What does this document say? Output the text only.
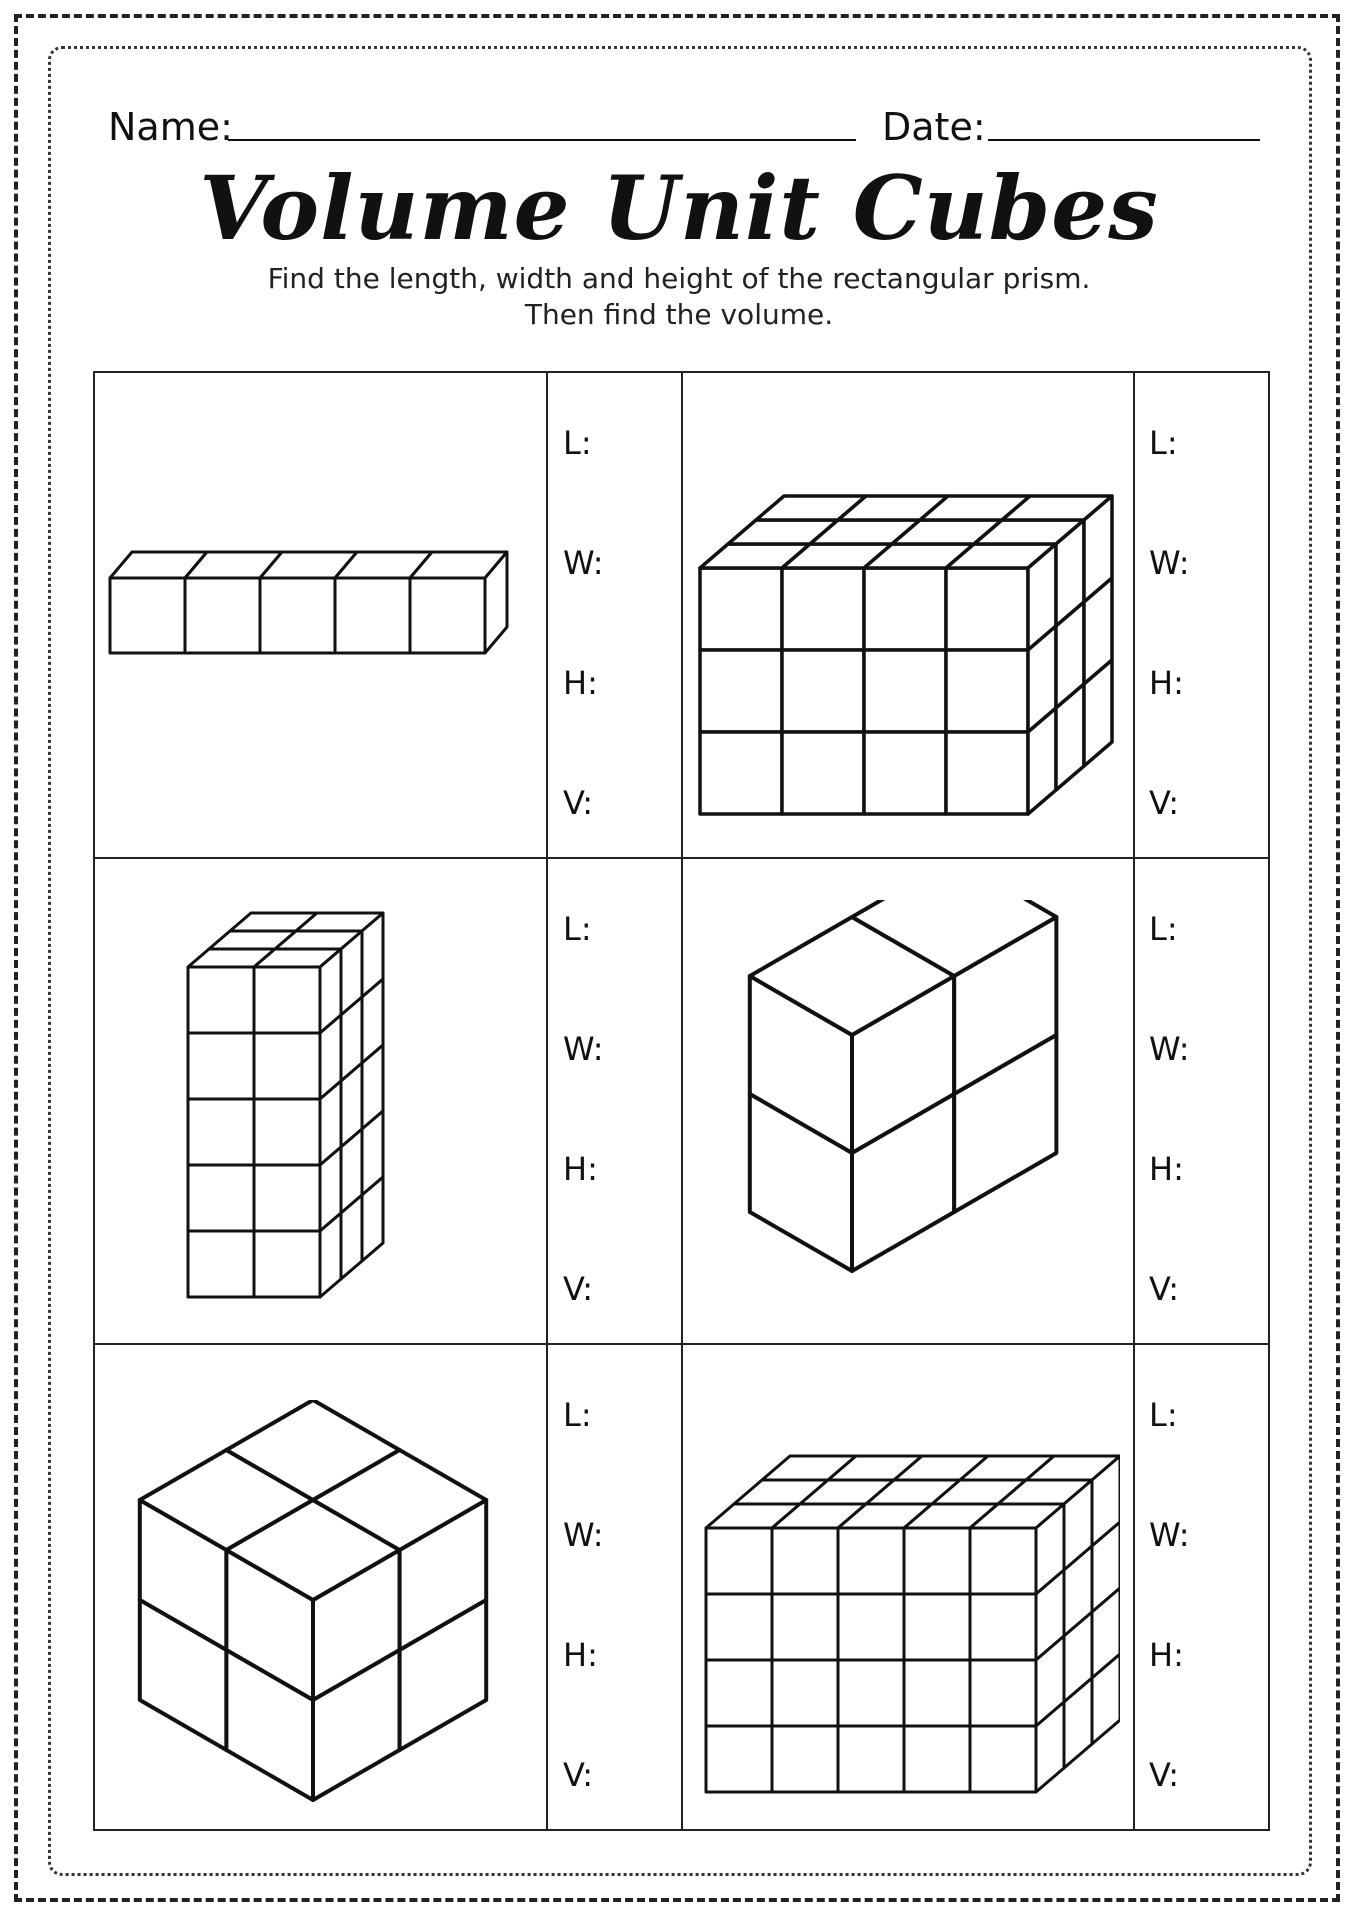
Name:	Date:
Volume Unit Cubes
Find the length, width and height of the rectangular prism.
Then find the volume.
L:
W:
H:
V:
L:
W:
H:
V:
L:
W:
H:
V:
L:
W:
H:
V:
L:
W:
H:
V:
L:
W:
H:
V:
